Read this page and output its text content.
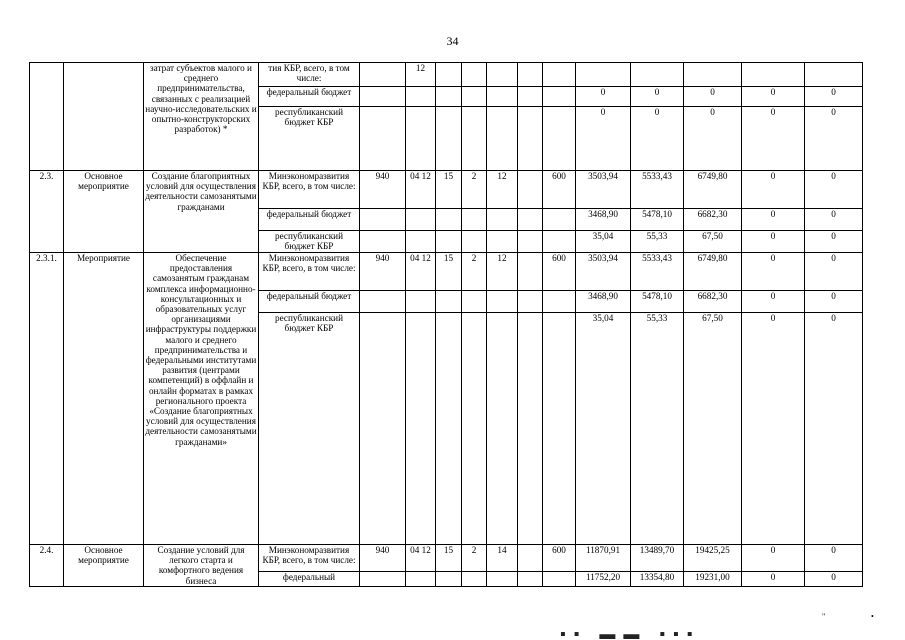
34
		затрат субъектов малого и среднего предпринимательства, связанных с реализацией научно-исследовательских и опытно-конструкторских разработок) *	тия КБР, всего, в том числе:		12										
			федеральный бюджет								0	0	0	0	0
			республиканский бюджет КБР								0	0	0	0	0
2.3.	Основное мероприятие	Создание благоприятных условий для осуществления деятельности самозанятыми гражданами	Минэкономразвития КБР, всего, в том числе:	940	04 12	15	2	12		600	3503,94	5533,43	6749,80	0	0
			федеральный бюджет								3468,90	5478,10	6682,30	0	0
			республиканский бюджет КБР								35,04	55,33	67,50	0	0
2.3.1.	Мероприятие	Обеспечение предоставления самозанятым гражданам комплекса информационно-консультационных и образовательных услуг организациями инфраструктуры поддержки малого и среднего предпринимательства и федеральными институтами развития (центрами компетенций) в оффлайн и онлайн форматах в рамках регионального проекта «Создание благоприятных условий для осуществления деятельности самозанятыми гражданами»	Минэкономразвития КБР, всего, в том числе:	940	04 12	15	2	12		600	3503,94	5533,43	6749,80	0	0
			федеральный бюджет								3468,90	5478,10	6682,30	0	0
			республиканский бюджет КБР								35,04	55,33	67,50	0	0
2.4.	Основное мероприятие	Создание условий для легкого старта и комфортного ведения бизнеса	Минэкономразвития КБР, всего, в том числе:	940	04 12	15	2	14		600	11870,91	13489,70	19425,25	0	0
			федеральный								11752,20	13354,80	19231,00	0	0
"	•
▪▪ ▬▬ ▪▪▪
